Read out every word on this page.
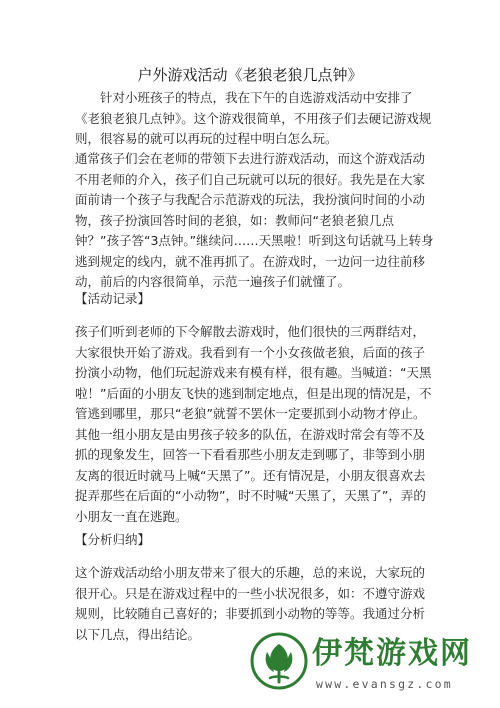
户外游戏活动《老狼老狼几点钟》
针对小班孩子的特点，我在下午的自选游戏活动中安排了《老狼老狼几点钟》。这个游戏很简单，不用孩子们去硬记游戏规则，很容易的就可以再玩的过程中明白怎么玩。
通常孩子们会在老师的带领下去进行游戏活动，而这个游戏活动不用老师的介入，孩子们自己玩就可以玩的很好。我先是在大家面前请一个孩子与我配合示范游戏的玩法，我扮演问时间的小动物，孩子扮演回答时间的老狼，如：教师问“老狼老狼几点钟？”孩子答“3点钟。”继续问……天黑啦！听到这句话就马上转身逃到规定的线内，就不准再抓了。在游戏时，一边问一边往前移动，前后的内容很简单，示范一遍孩子们就懂了。
【活动记录】
孩子们听到老师的下令解散去游戏时，他们很快的三两群结对，大家很快开始了游戏。我看到有一个小女孩做老狼，后面的孩子扮演小动物，他们玩起游戏来有模有样，很有趣。当喊道：“天黑啦！”后面的小朋友飞快的逃到制定地点，但是出现的情况是，不管逃到哪里，那只“老狼”就誓不罢休一定要抓到小动物才停止。其他一组小朋友是由男孩子较多的队伍，在游戏时常会有等不及抓的现象发生，回答一下看看那些小朋友走到哪了，非等到小朋友离的很近时就马上喊“天黑了”。还有情况是，小朋友很喜欢去捉弄那些在后面的“小动物”，时不时喊“天黑了，天黑了”，弄的小朋友一直在逃跑。
【分析归纳】
这个游戏活动给小朋友带来了很大的乐趣，总的来说，大家玩的很开心。只是在游戏过程中的一些小状况很多，如：不遵守游戏规则，比较随自己喜好的；非要抓到小动物的等等。我通过分析以下几点，得出结论。
伊梵游戏网
www.evansgz.com
